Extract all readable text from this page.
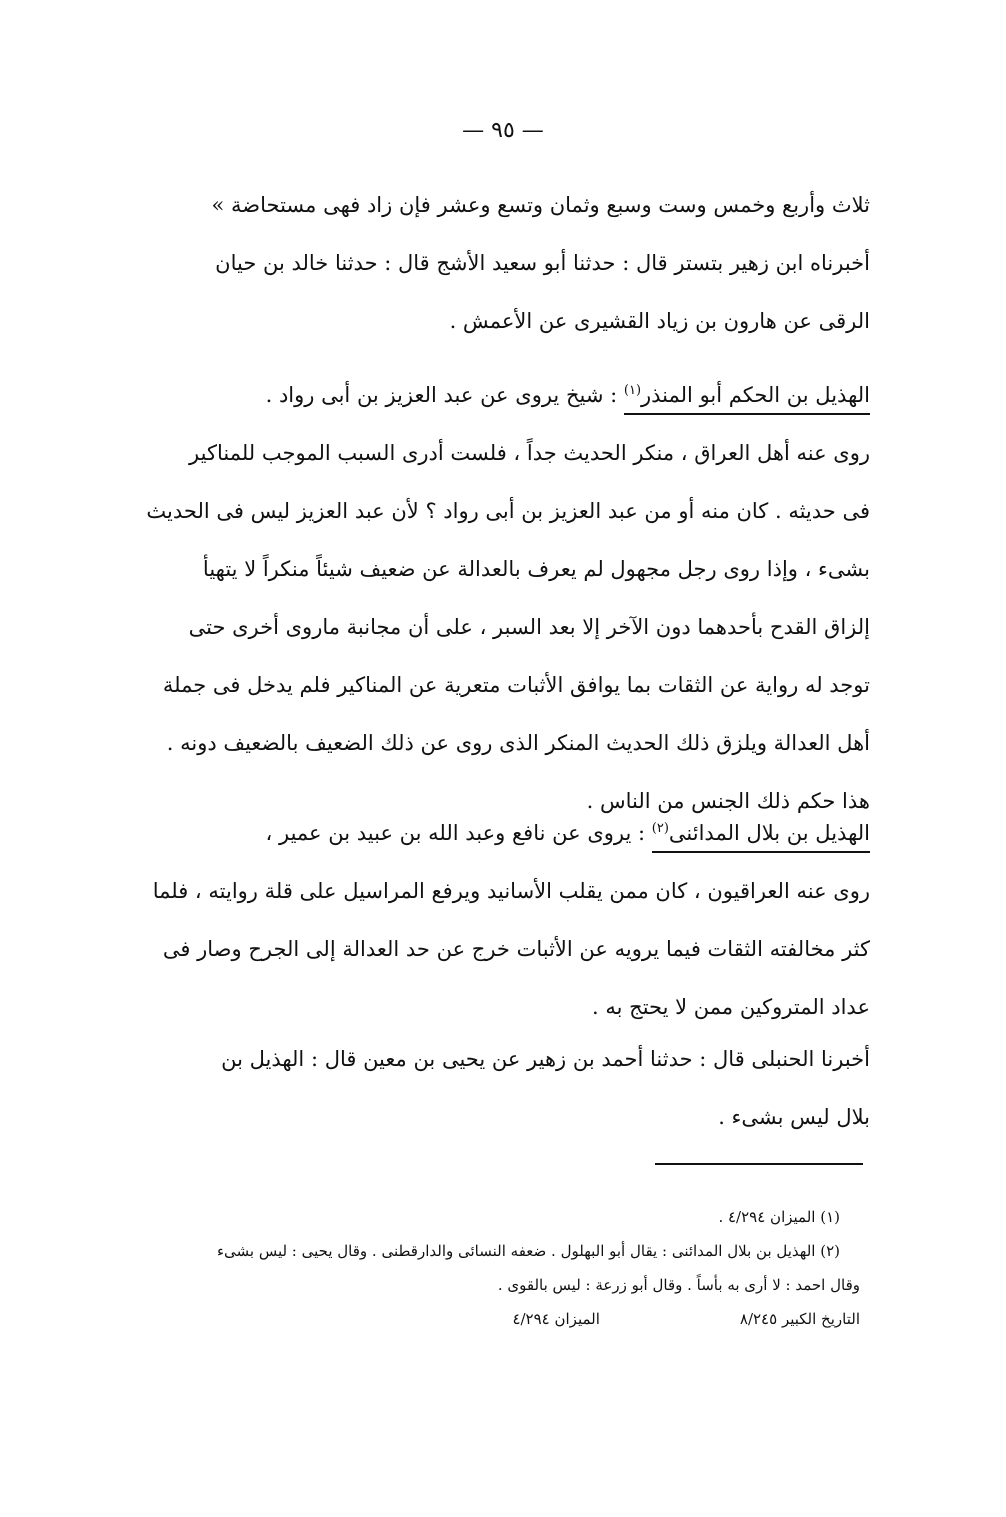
— ٩٥ —
ثلاث وأربع وخمس وست وسبع وثمان وتسع وعشر فإن زاد فهى مستحاضة »
أخبرناه ابن زهير بتستر قال : حدثنا أبو سعيد الأشج قال : حدثنا خالد بن حيان
الرقى عن هارون بن زياد القشيرى عن الأعمش .
الهذيل بن الحكم أبو المنذر$^{(١)}$ : شيخ يروى عن عبد العزيز بن أبى رواد .
روى عنه أهل العراق ، منكر الحديث جداً ، فلست أدرى السبب الموجب للمناكير
فى حديثه . كان منه أو من عبد العزيز بن أبى رواد ؟ لأن عبد العزيز ليس فى الحديث
بشىء ، وإذا روى رجل مجهول لم يعرف بالعدالة عن ضعيف شيئاً منكراً لا يتهيأ
إلزاق القدح بأحدهما دون الآخر إلا بعد السبر ، على أن مجانبة ماروى أخرى حتى
توجد له رواية عن الثقات بما يوافق الأثبات متعرية عن المناكير فلم يدخل فى جملة
أهل العدالة ويلزق ذلك الحديث المنكر الذى روى عن ذلك الضعيف بالضعيف دونه .
هذا حكم ذلك الجنس من الناس .
الهذيل بن بلال المدائنى$^{(٢)}$ : يروى عن نافع وعبد الله بن عبيد بن عمير ،
روى عنه العراقيون ، كان ممن يقلب الأسانيد ويرفع المراسيل على قلة روايته ، فلما
كثر مخالفته الثقات فيما يرويه عن الأثبات خرج عن حد العدالة إلى الجرح وصار فى
عداد المتروكين ممن لا يحتج به .
أخبرنا الحنبلى قال : حدثنا أحمد بن زهير عن يحيى بن معين قال : الهذيل بن
بلال ليس بشىء .
(١) الميزان ٤/٢٩٤ .
(٢) الهذيل بن بلال المدائنى : يقال أبو البهلول . ضعفه النسائى والدارقطنى . وقال يحيى : ليس بشىء
وقال احمد : لا أرى به بأساً . وقال أبو زرعة : ليس بالقوى .
التاريخ الكبير ٨/٢٤٥
الميزان ٤/٢٩٤
